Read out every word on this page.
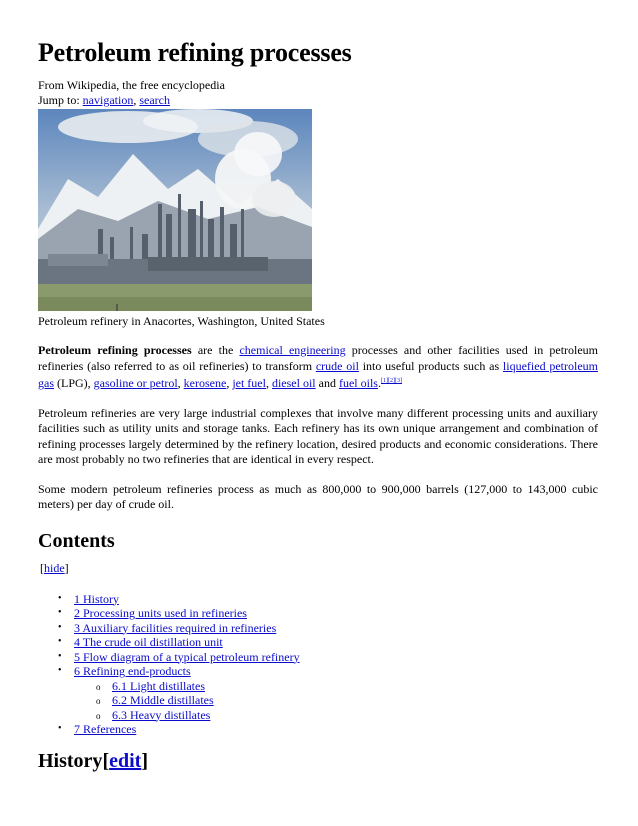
Petroleum refining processes
From Wikipedia, the free encyclopedia
Jump to: navigation, search
Petroleum refinery in Anacortes, Washington, United States

Petroleum refining processes are the chemical engineering processes and other facilities used in petroleum refineries (also referred to as oil refineries) to transform crude oil into useful products such as liquefied petroleum gas (LPG), gasoline or petrol, kerosene, jet fuel, diesel oil and fuel oils.[1][2][3]

Petroleum refineries are very large industrial complexes that involve many different processing units and auxiliary facilities such as utility units and storage tanks. Each refinery has its own unique arrangement and combination of refining processes largely determined by the refinery location, desired products and economic considerations. There are most probably no two refineries that are identical in every respect.

Some modern petroleum refineries process as much as 800,000 to 900,000 barrels (127,000 to 143,000 cubic meters) per day of crude oil.

Contents
[hide]
• 1 History
• 2 Processing units used in refineries
• 3 Auxiliary facilities required in refineries
• 4 The crude oil distillation unit
• 5 Flow diagram of a typical petroleum refinery
• 6 Refining end-products
o 6.1 Light distillates
o 6.2 Middle distillates
o 6.3 Heavy distillates
• 7 References
History[edit]
